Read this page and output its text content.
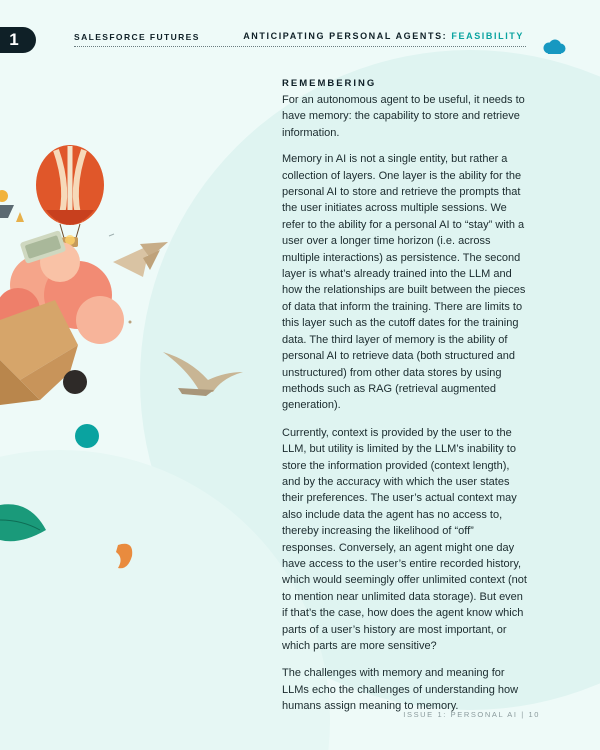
1	SALESFORCE FUTURES	ANTICIPATING PERSONAL AGENTS: FEASIBILITY
REMEMBERING

For an autonomous agent to be useful, it needs to have memory: the capability to store and retrieve information.

Memory in AI is not a single entity, but rather a collection of layers. One layer is the ability for the personal AI to store and retrieve the prompts that the user initiates across multiple sessions. We refer to the ability for a personal AI to “stay” with a user over a longer time horizon (i.e. across multiple interactions) as persistence. The second layer is what’s already trained into the LLM and how the relationships are built between the pieces of data that inform the training. There are limits to this layer such as the cutoff dates for the training data. The third layer of memory is the ability of personal AI to retrieve data (both structured and unstructured) from other data stores by using methods such as RAG (retrieval augmented generation).

Currently, context is provided by the user to the LLM, but utility is limited by the LLM’s inability to store the information provided (context length), and by the accuracy with which the user states their preferences. The user’s actual context may also include data the agent has no access to, thereby increasing the likelihood of “off” responses. Conversely, an agent might one day have access to the user’s entire recorded history, which would seemingly offer unlimited context (not to mention near unlimited data storage). But even if that’s the case, how does the agent know which parts of a user’s history are most important, or which parts are more sensitive?

The challenges with memory and meaning for LLMs echo the challenges of understanding how humans assign meaning to memory.

ISSUE 1: PERSONAL AI | 10
